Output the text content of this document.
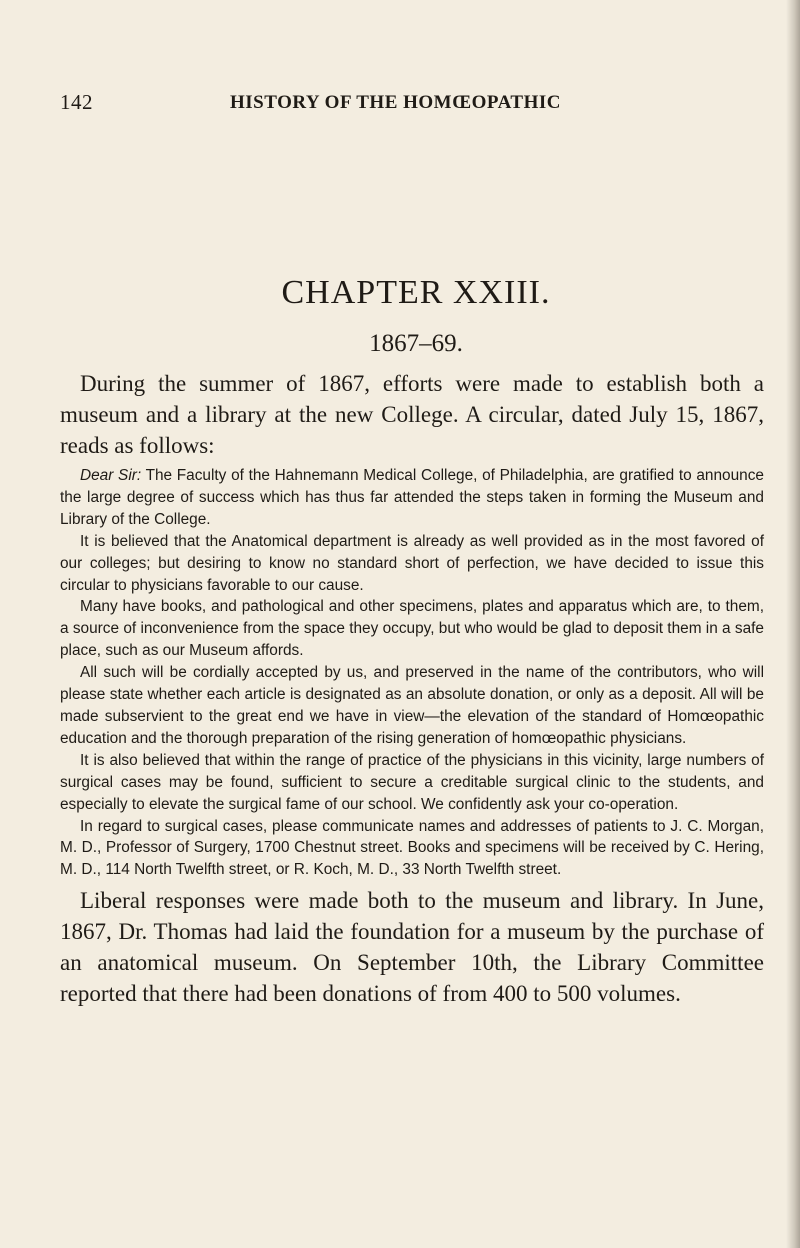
142	HISTORY OF THE HOMŒOPATHIC
CHAPTER XXIII.
1867–69.

During the summer of 1867, efforts were made to establish both a museum and a library at the new College. A circular, dated July 15, 1867, reads as follows:

Dear Sir: The Faculty of the Hahnemann Medical College, of Philadelphia, are gratified to announce the large degree of success which has thus far attended the steps taken in forming the Museum and Library of the College.

It is believed that the Anatomical department is already as well provided as in the most favored of our colleges; but desiring to know no standard short of perfection, we have decided to issue this circular to physicians favorable to our cause.

Many have books, and pathological and other specimens, plates and apparatus which are, to them, a source of inconvenience from the space they occupy, but who would be glad to deposit them in a safe place, such as our Museum affords.

All such will be cordially accepted by us, and preserved in the name of the contributors, who will please state whether each article is designated as an absolute donation, or only as a deposit. All will be made subservient to the great end we have in view—the elevation of the standard of Homœopathic education and the thorough preparation of the rising generation of homœopathic physicians.

It is also believed that within the range of practice of the physicians in this vicinity, large numbers of surgical cases may be found, sufficient to secure a creditable surgical clinic to the students, and especially to elevate the surgical fame of our school. We confidently ask your co-operation.

In regard to surgical cases, please communicate names and addresses of patients to J. C. Morgan, M. D., Professor of Surgery, 1700 Chestnut street. Books and specimens will be received by C. Hering, M. D., 114 North Twelfth street, or R. Koch, M. D., 33 North Twelfth street.

Liberal responses were made both to the museum and library. In June, 1867, Dr. Thomas had laid the foundation for a museum by the purchase of an anatomical museum. On September 10th, the Library Committee reported that there had been donations of from 400 to 500 volumes.
